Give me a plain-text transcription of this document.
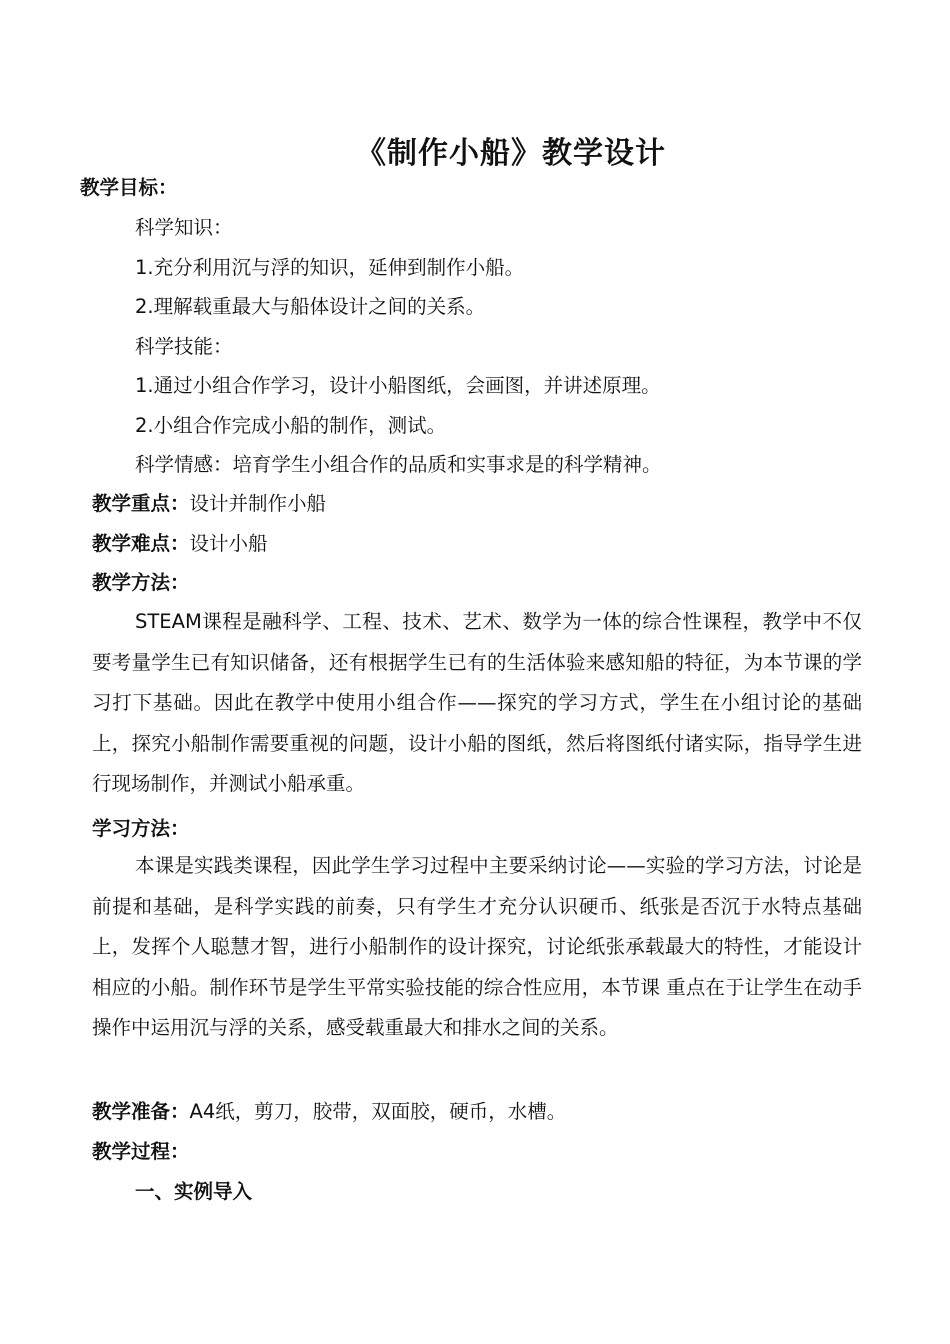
《制作小船》教学设计
教学目标：
科学知识：
1.充分利用沉与浮的知识，延伸到制作小船。
2.理解载重最大与船体设计之间的关系。
科学技能：
1.通过小组合作学习，设计小船图纸，会画图，并讲述原理。
2.小组合作完成小船的制作，测试。
科学情感：培育学生小组合作的品质和实事求是的科学精神。
教学重点：设计并制作小船
教学难点：设计小船
教学方法：
STEAM课程是融科学、工程、技术、艺术、数学为一体的综合性课程，教学中不仅要考量学生已有知识储备，还有根据学生已有的生活体验来感知船的特征，为本节课的学习打下基础。因此在教学中使用小组合作——探究的学习方式，学生在小组讨论的基础上，探究小船制作需要重视的问题，设计小船的图纸，然后将图纸付诸实际，指导学生进行现场制作，并测试小船承重。
学习方法：
本课是实践类课程，因此学生学习过程中主要采纳讨论——实验的学习方法，讨论是前提和基础，是科学实践的前奏，只有学生才充分认识硬币、纸张是否沉于水特点基础上，发挥个人聪慧才智，进行小船制作的设计探究，讨论纸张承载最大的特性，才能设计相应的小船。制作环节是学生平常实验技能的综合性应用，本节课 重点在于让学生在动手操作中运用沉与浮的关系，感受载重最大和排水之间的关系。
教学准备：A4纸，剪刀，胶带，双面胶，硬币，水槽。
教学过程：
一、实例导入
